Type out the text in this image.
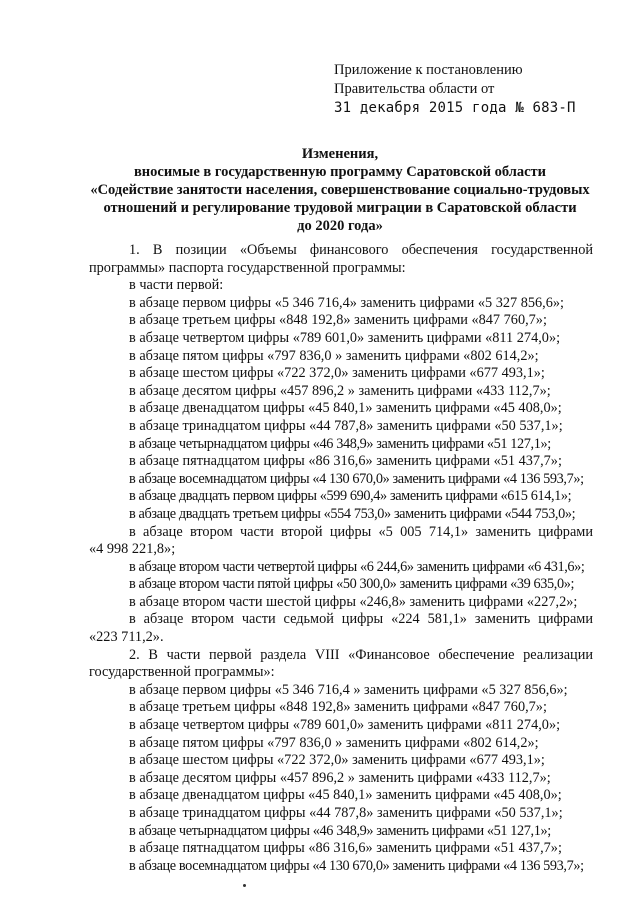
Приложение к постановлению
Правительства области от
31 декабря 2015 года № 683-П
Изменения,
вносимые в государственную программу Саратовской области
«Содействие занятости населения, совершенствование социально-трудовых
отношений и регулирование трудовой миграции в Саратовской области
до 2020 года»

1. В позиции «Объемы финансового обеспечения государственной

программы» паспорта государственной программы:

в части первой:

в абзаце первом цифры «5 346 716,4» заменить цифрами «5 327 856,6»;

в абзаце третьем цифры «848 192,8» заменить цифрами «847 760,7»;

в абзаце четвертом цифры «789 601,0» заменить цифрами «811 274,0»;

в абзаце пятом цифры «797 836,0 » заменить цифрами «802 614,2»;

в абзаце шестом цифры «722 372,0» заменить цифрами «677 493,1»;

в абзаце десятом цифры «457 896,2 » заменить цифрами «433 112,7»;

в абзаце двенадцатом цифры «45 840,1» заменить цифрами «45 408,0»;

в абзаце тринадцатом цифры «44 787,8» заменить цифрами «50 537,1»;

в абзаце четырнадцатом цифры «46 348,9» заменить цифрами «51 127,1»;

в абзаце пятнадцатом цифры «86 316,6» заменить цифрами «51 437,7»;

в абзаце восемнадцатом цифры «4 130 670,0» заменить цифрами «4 136 593,7»;

в абзаце двадцать первом цифры «599 690,4» заменить цифрами «615 614,1»;

в абзаце двадцать третьем цифры «554 753,0» заменить цифрами «544 753,0»;

в абзаце втором части второй цифры «5 005 714,1» заменить цифрами

«4 998 221,8»;

в абзаце втором части четвертой цифры «6 244,6» заменить цифрами «6 431,6»;

в абзаце втором части пятой цифры «50 300,0» заменить цифрами «39 635,0»;

в абзаце втором части шестой цифры «246,8» заменить цифрами «227,2»;

в абзаце втором части седьмой цифры «224 581,1» заменить цифрами

«223 711,2».

2. В части первой раздела VIII «Финансовое обеспечение реализации

государственной программы»:

в абзаце первом цифры «5 346 716,4 » заменить цифрами «5 327 856,6»;

в абзаце третьем цифры «848 192,8» заменить цифрами «847 760,7»;

в абзаце четвертом цифры «789 601,0» заменить цифрами «811 274,0»;

в абзаце пятом цифры «797 836,0 » заменить цифрами «802 614,2»;

в абзаце шестом цифры «722 372,0» заменить цифрами «677 493,1»;

в абзаце десятом цифры «457 896,2 » заменить цифрами «433 112,7»;

в абзаце двенадцатом цифры «45 840,1» заменить цифрами «45 408,0»;

в абзаце тринадцатом цифры «44 787,8» заменить цифрами «50 537,1»;

в абзаце четырнадцатом цифры «46 348,9» заменить цифрами «51 127,1»;

в абзаце пятнадцатом цифры «86 316,6» заменить цифрами «51 437,7»;

в абзаце восемнадцатом цифры «4 130 670,0» заменить цифрами «4 136 593,7»;
